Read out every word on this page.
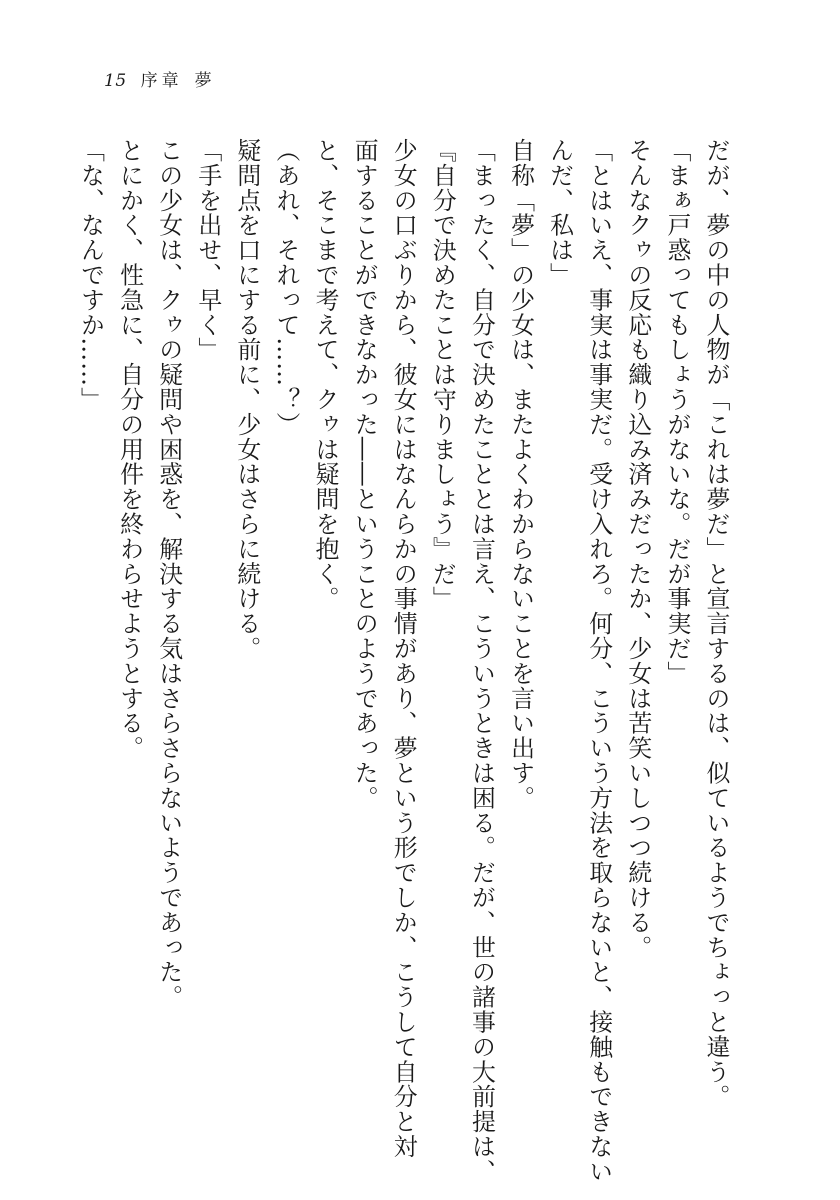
15 序章 夢

だが、夢の中の人物が「これは夢だ」と宣言するのは、似ているようでちょっと違う。

「まぁ戸惑ってもしょうがないな。だが事実だ」

そんなクゥの反応も織り込み済みだったか、少女は苦笑いしつつ続ける。

「とはいえ、事実は事実だ。受け入れろ。何分、こういう方法を取らないと、接触もできない

んだ、私は」

自称「夢」の少女は、またよくわからないことを言い出す。

「まったく、自分で決めたこととは言え、こういうときは困る。だが、世の諸事の大前提は、

『自分で決めたことは守りましょう』だ」

少女の口ぶりから、彼女にはなんらかの事情があり、夢という形でしか、こうして自分と対

面することができなかった――ということのようであった。

と、そこまで考えて、クゥは疑問を抱く。

（あれ、それって……？）

疑問点を口にする前に、少女はさらに続ける。

「手を出せ、早く」

この少女は、クゥの疑問や困惑を、解決する気はさらさらないようであった。

とにかく、性急に、自分の用件を終わらせようとする。

「な、なんですか……」
